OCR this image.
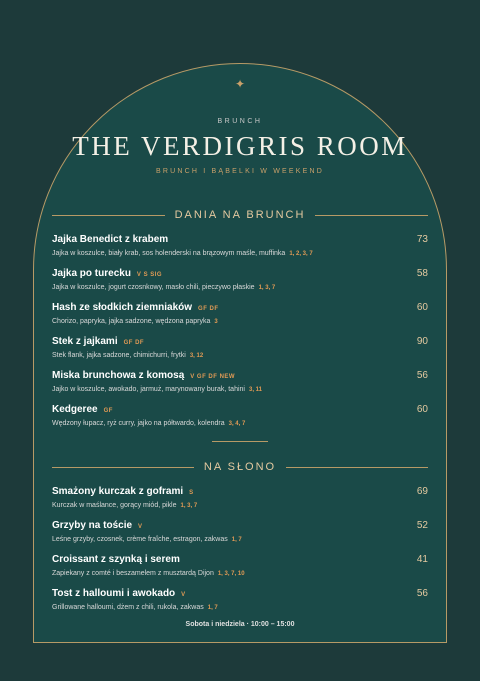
✦
BRUNCH
THE VERDIGRIS ROOM
BRUNCH I BĄBELKI W WEEKEND
DANIA NA BRUNCH
Jajka Benedict z krabem	73
Jajka w koszulce, biały krab, sos holenderski na brązowym maśle, muffinka 1, 2, 3, 7
Jajka po turecku V S SIG	58
Jajka w koszulce, jogurt czosnkowy, masło chili, pieczywo płaskie 1, 3, 7
Hash ze słodkich ziemniaków GF DF	60
Chorizo, papryka, jajka sadzone, wędzona papryka 3
Stek z jajkami GF DF	90
Stek flank, jajka sadzone, chimichurri, frytki 3, 12
Miska brunchowa z komosą V GF DF NEW	56
Jajko w koszulce, awokado, jarmuż, marynowany burak, tahini 3, 11
Kedgeree GF	60
Wędzony łupacz, ryż curry, jajko na półtwardo, kolendra 3, 4, 7
NA SŁONO
Smażony kurczak z goframi S	69
Kurczak w maślance, gorący miód, pikle 1, 3, 7
Grzyby na toście V	52
Leśne grzyby, czosnek, crème fraîche, estragon, zakwas 1, 7
Croissant z szynką i serem	41
Zapiekany z comté i beszamelem z musztardą Dijon 1, 3, 7, 10
Tost z halloumi i awokado V	56
Grillowane halloumi, dżem z chili, rukola, zakwas 1, 7
Sobota i niedziela · 10:00 – 15:00
